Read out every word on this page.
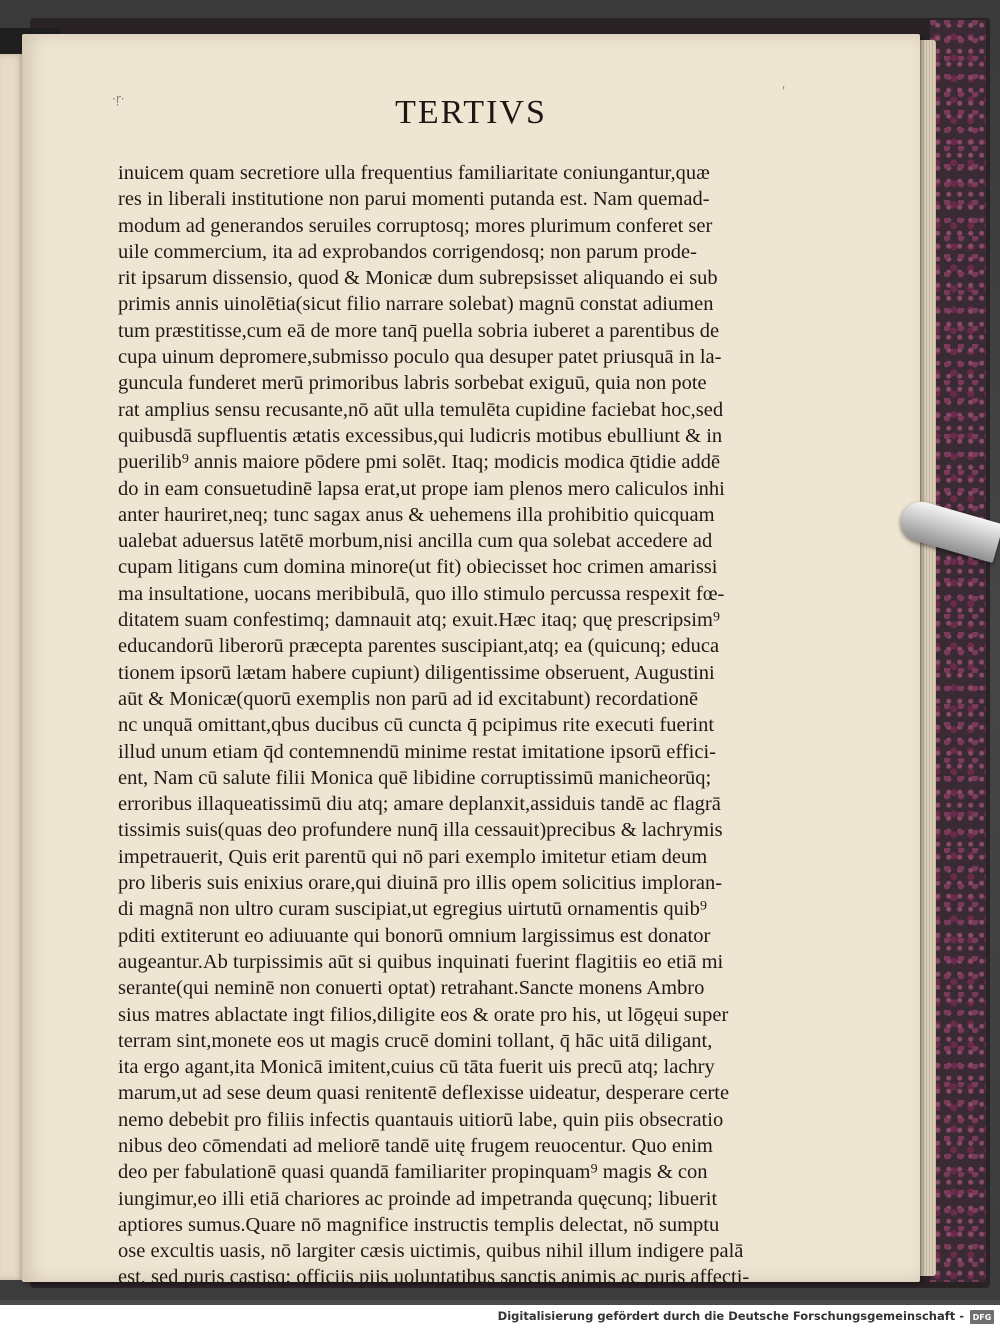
TERTIVS
·ṛ·
'
inuicem quam secretiore ulla frequentius familiaritate coniungantur,quæ
res in liberali institutione non parui momenti putanda est. Nam quemad-
modum ad generandos seruiles corruptosq; mores plurimum conferet ser
uile commercium, ita ad exprobandos corrigendosq; non parum prode-
rit ipsarum dissensio, quod & Monicæ dum subrepsisset aliquando ei sub
primis annis uinolētia(sicut filio narrare solebat) magnū constat adiumen
tum præstitisse,cum eā de more tanq̄ puella sobria iuberet a parentibus de
cupa uinum depromere,submisso poculo qua desuper patet priusquā in la-
guncula funderet merū primoribus labris sorbebat exiguū, quia non pote
rat amplius sensu recusante,nō aūt ulla temulēta cupidine faciebat hoc,sed
quibusdā supfluentis ætatis excessibus,qui ludicris motibus ebulliunt & in
puerilib⁹ annis maiore pōdere pmi solēt. Itaq; modicis modica q̄tidie addē
do in eam consuetudinē lapsa erat,ut prope iam plenos mero caliculos inhi
anter hauriret,neq; tunc sagax anus & uehemens illa prohibitio quicquam
ualebat aduersus latētē morbum,nisi ancilla cum qua solebat accedere ad
cupam litigans cum domina minore(ut fit) obiecisset hoc crimen amarissi
ma insultatione, uocans meribibulā, quo illo stimulo percussa respexit fœ-
ditatem suam confestimq; damnauit atq; exuit.Hæc itaq; quę prescripsim⁹
educandorū liberorū præcepta parentes suscipiant,atq; ea (quicunq; educa
tionem ipsorū lætam habere cupiunt) diligentissime obseruent, Augustini
aūt & Monicæ(quorū exemplis non parū ad id excitabunt) recordationē
nc unquā omittant,qbus ducibus cū cuncta q̄ pcipimus rite executi fuerint
illud unum etiam q̄d contemnendū minime restat imitatione ipsorū effici-
ent, Nam cū salute filii Monica quē libidine corruptissimū manicheorūq;
erroribus illaqueatissimū diu atq; amare deplanxit,assiduis tandē ac flagrā
tissimis suis(quas deo profundere nunq̄ illa cessauit)precibus & lachrymis
impetrauerit, Quis erit parentū qui nō pari exemplo imitetur etiam deum
pro liberis suis enixius orare,qui diuinā pro illis opem solicitius imploran-
di magnā non ultro curam suscipiat,ut egregius uirtutū ornamentis quib⁹
pditi extiterunt eo adiuuante qui bonorū omnium largissimus est donator
augeantur.Ab turpissimis aūt si quibus inquinati fuerint flagitiis eo etiā mi
serante(qui neminē non conuerti optat) retrahant.Sancte monens Ambro
sius matres ablactate ingt filios,diligite eos & orate pro his, ut lōgęui super
terram sint,monete eos ut magis crucē domini tollant, q̄ hāc uitā diligant,
ita ergo agant,ita Monicā imitent,cuius cū tāta fuerit uis precū atq; lachry
marum,ut ad sese deum quasi renitentē deflexisse uideatur, desperare certe
nemo debebit pro filiis infectis quantauis uitiorū labe, quin piis obsecratio
nibus deo cōmendati ad meliorē tandē uitę frugem reuocentur. Quo enim
deo per fabulationē quasi quandā familiariter propinquam⁹ magis & con
iungimur,eo illi etiā chariores ac proinde ad impetranda quęcunq; libuerit
aptiores sumus.Quare nō magnifice instructis templis delectat, nō sumptu
ose excultis uasis, nō largiter cæsis uictimis, quibus nihil illum indigere palā
est, sed puris castisq; officiis piis uoluntatibus sanctis animis ac puris affecti-
Digitalisierung gefördert durch die Deutsche Forschungsgemeinschaft -	DFG
